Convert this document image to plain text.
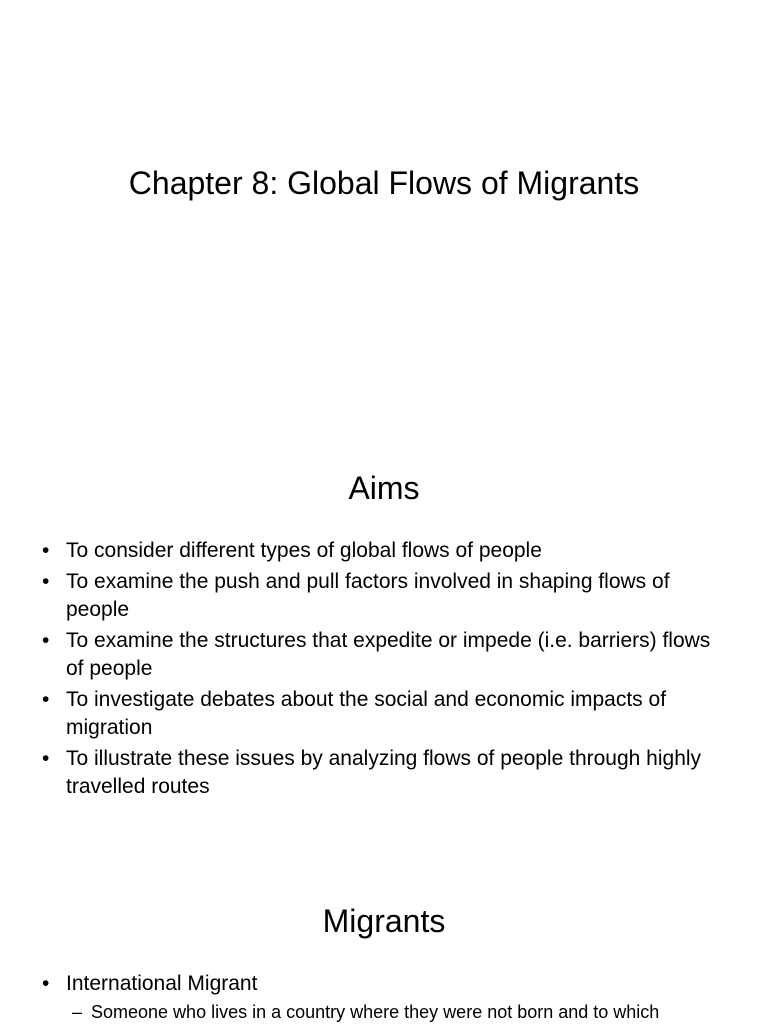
Chapter 8: Global Flows of Migrants
Aims
• To consider different types of global flows of people
• To examine the push and pull factors involved in shaping flows of people
• To examine the structures that expedite or impede (i.e. barriers) flows of people
• To investigate debates about the social and economic impacts of migration
• To illustrate these issues by analyzing flows of people through highly travelled routes
Migrants
• International Migrant
– Someone who lives in a country where they were not born and to which
